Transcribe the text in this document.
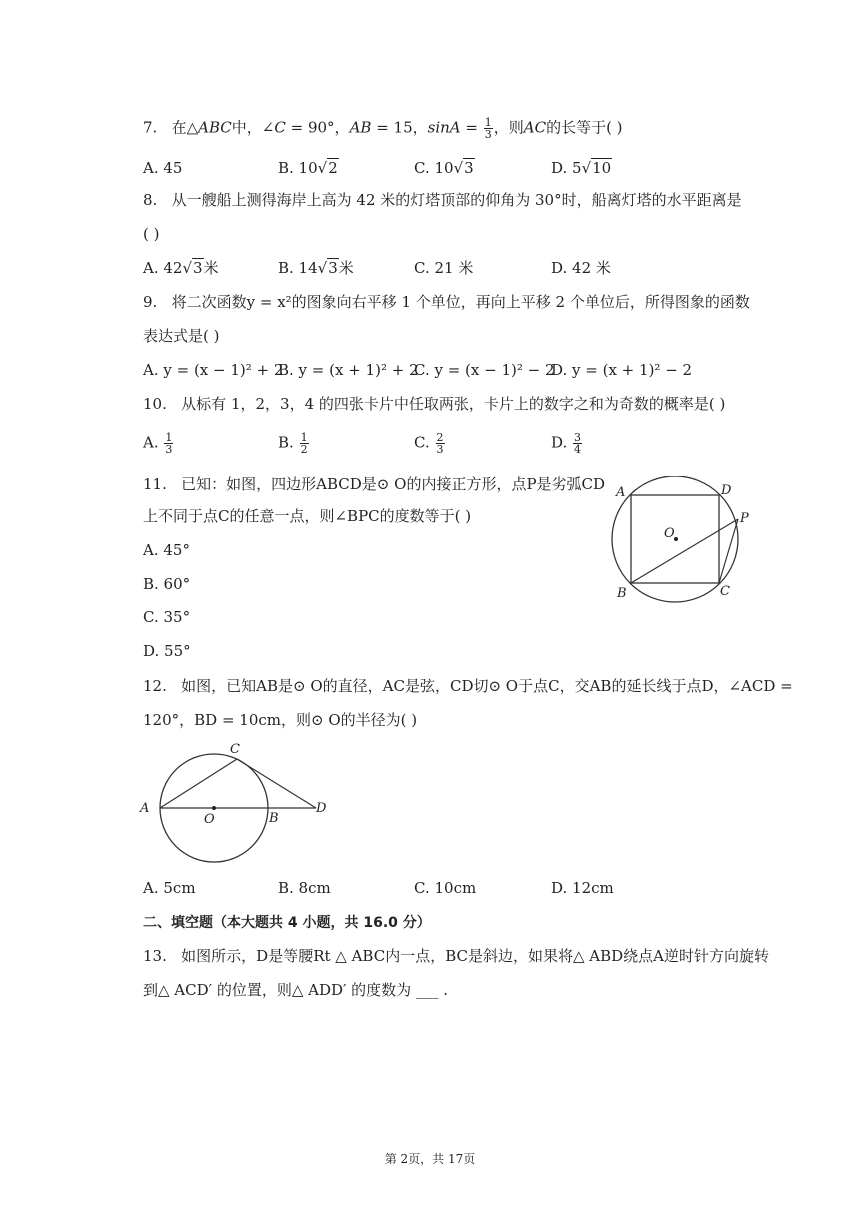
7. 在△ABC中，∠C = 90°，AB = 15，$\sin A = \frac{1}{3}$ ，则AC的长等于( )
A. 45	B. 10√2	C. 10√3	D. 5√10
8. 从一艘船上测得海岸上高为 42 米的灯塔顶部的仰角为 30°时，船离灯塔的水平距离是
( )
A. 42√3米	B. 14√3米	C. 21 米	D. 42 米
9. 将二次函数y = x²的图象向右平移 1 个单位，再向上平移 2 个单位后，所得图象的函数
表达式是( )
A. y = (x − 1)² + 2
B. y = (x + 1)² + 2
C. y = (x − 1)² − 2
D. y = (x + 1)² − 2
10. 从标有 1，2，3，4 的四张卡片中任取两张，卡片上的数字之和为奇数的概率是( )
A. $\frac{1}{3}$	B. $\frac{1}{2}$	C. $\frac{2}{3}$	D. $\frac{3}{4}$
11. 已知：如图，四边形ABCD是⊙ O的内接正方形，点P是劣弧CD
上不同于点C的任意一点，则∠BPC的度数等于( )
A. 45°
B. 60°
C. 35°
D. 55°
A	D
O
P
B	C
12. 如图，已知AB是⊙ O的直径，AC是弦，CD切⊙ O于点C，交AB的延长线于点D，∠ACD =
120°，BD = 10cm，则⊙ O的半径为( )
C
A
O	B
D
A. 5cm	B. 8cm	C. 10cm	D. 12cm
二、填空题（本大题共 4 小题，共 16.0 分）
13. 如图所示，D是等腰Rt △ ABC内一点，BC是斜边，如果将△ ABD绕点A逆时针方向旋转
到△ ACD′ 的位置，则△ ADD′ 的度数为 ___ .
第 2页，共 17页
